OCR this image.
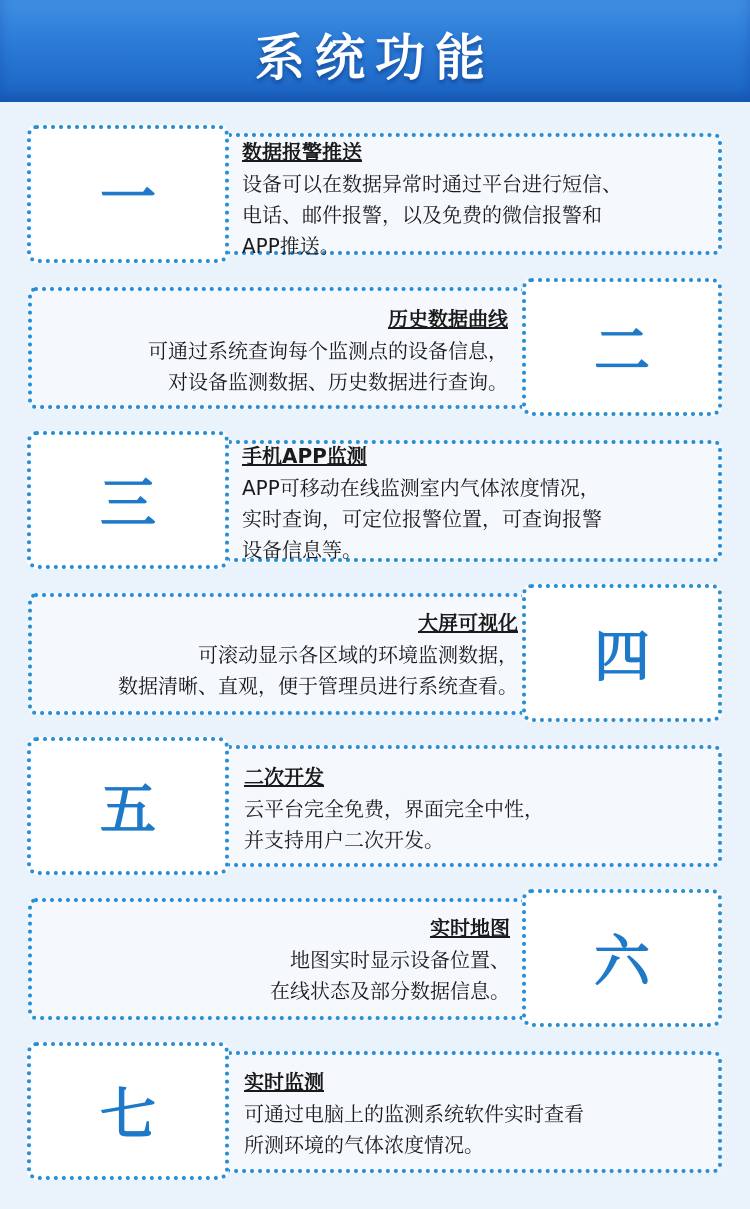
系统功能
一
数据报警推送
设备可以在数据异常时通过平台进行短信、
电话、邮件报警，以及免费的微信报警和
APP推送。
二
历史数据曲线
可通过系统查询每个监测点的设备信息，
对设备监测数据、历史数据进行查询。
三
手机APP监测
APP可移动在线监测室内气体浓度情况，
实时查询，可定位报警位置，可查询报警
设备信息等。
四
大屏可视化
可滚动显示各区域的环境监测数据，
数据清晰、直观，便于管理员进行系统查看。
五
二次开发
云平台完全免费，界面完全中性，
并支持用户二次开发。
六
实时地图
地图实时显示设备位置、
在线状态及部分数据信息。
七
实时监测
可通过电脑上的监测系统软件实时查看
所测环境的气体浓度情况。
